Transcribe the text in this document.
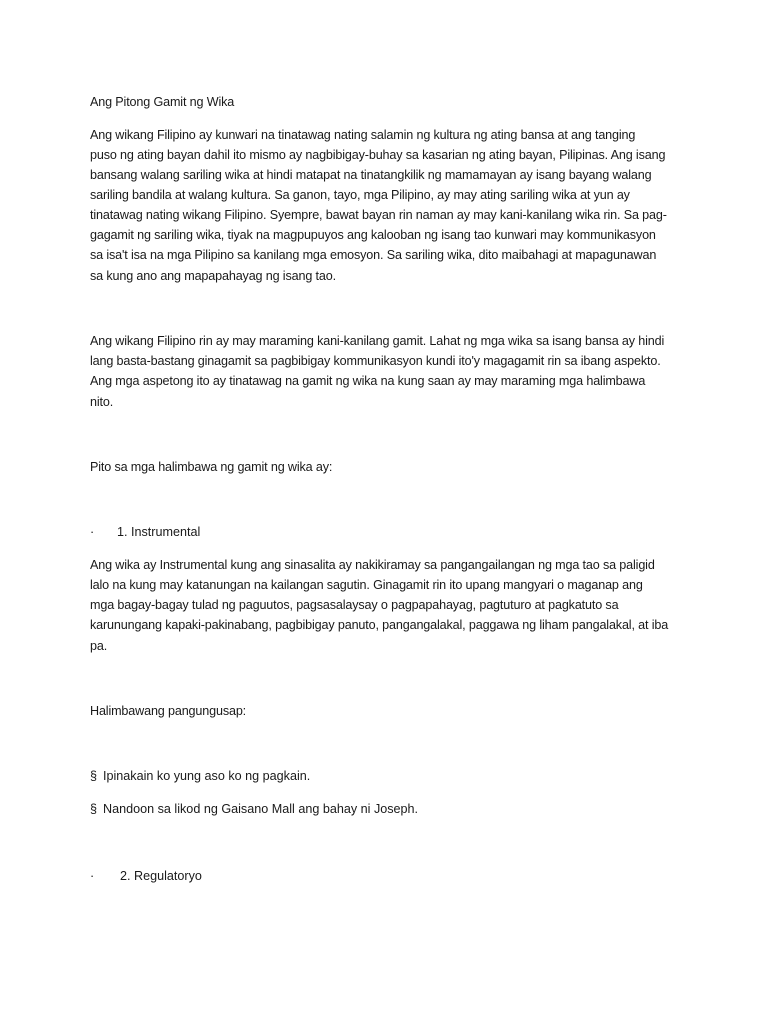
Ang Pitong Gamit ng Wika
Ang wikang Filipino ay kunwari na tinatawag nating salamin ng kultura ng ating bansa at ang tanging
puso ng ating bayan dahil ito mismo ay nagbibigay-buhay sa kasarian ng ating bayan, Pilipinas. Ang isang
bansang walang sariling wika at hindi matapat na tinatangkilik ng mamamayan ay isang bayang walang
sariling bandila at walang kultura. Sa ganon, tayo, mga Pilipino, ay may ating sariling wika at yun ay
tinatawag nating wikang Filipino. Syempre, bawat bayan rin naman ay may kani-kanilang wika rin. Sa pag-
gagamit ng sariling wika, tiyak na magpupuyos ang kalooban ng isang tao kunwari may kommunikasyon
sa isa't isa na mga Pilipino sa kanilang mga emosyon. Sa sariling wika, dito maibahagi at mapagunawan
sa kung ano ang mapapahayag ng isang tao.
Ang wikang Filipino rin ay may maraming kani-kanilang gamit. Lahat ng mga wika sa isang bansa ay hindi
lang basta-bastang ginagamit sa pagbibigay kommunikasyon kundi ito'y magagamit rin sa ibang aspekto.
Ang mga aspetong ito ay tinatawag na gamit ng wika na kung saan ay may maraming mga halimbawa
nito.
Pito sa mga halimbawa ng gamit ng wika ay:
· 1. Instrumental
Ang wika ay Instrumental kung ang sinasalita ay nakikiramay sa pangangailangan ng mga tao sa paligid
lalo na kung may katanungan na kailangan sagutin. Ginagamit rin ito upang mangyari o maganap ang
mga bagay-bagay tulad ng paguutos, pagsasalaysay o pagpapahayag, pagtuturo at pagkatuto sa
karunungang kapaki-pakinabang, pagbibigay panuto, pangangalakal, paggawa ng liham pangalakal, at iba
pa.
Halimbawang pangungusap:
§ Ipinakain ko yung aso ko ng pagkain.
§ Nandoon sa likod ng Gaisano Mall ang bahay ni Joseph.
· 2. Regulatoryo
